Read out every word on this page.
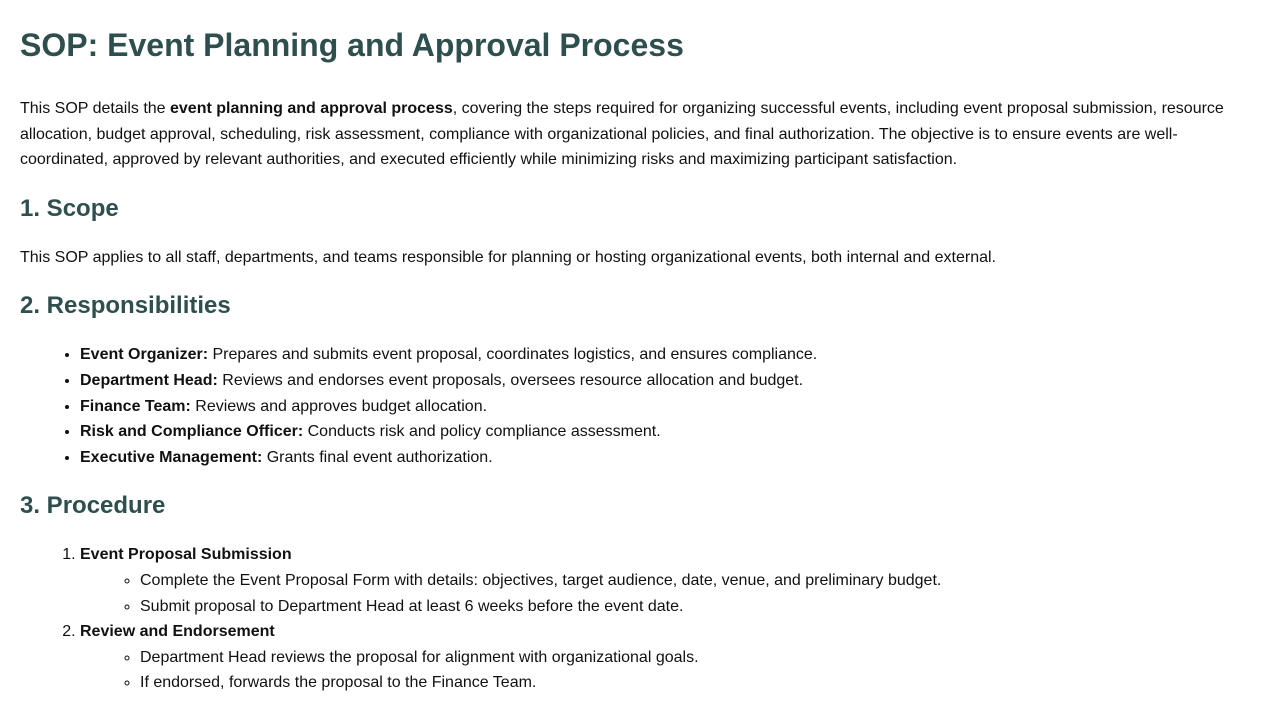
SOP: Event Planning and Approval Process

This SOP details the event planning and approval process, covering the steps required for organizing successful events, including event proposal submission, resource allocation, budget approval, scheduling, risk assessment, compliance with organizational policies, and final authorization. The objective is to ensure events are well-coordinated, approved by relevant authorities, and executed efficiently while minimizing risks and maximizing participant satisfaction.

1. Scope

This SOP applies to all staff, departments, and teams responsible for planning or hosting organizational events, both internal and external.

2. Responsibilities
• Event Organizer: Prepares and submits event proposal, coordinates logistics, and ensures compliance.
• Department Head: Reviews and endorses event proposals, oversees resource allocation and budget.
• Finance Team: Reviews and approves budget allocation.
• Risk and Compliance Officer: Conducts risk and policy compliance assessment.
• Executive Management: Grants final event authorization.
3. Procedure
1. Event Proposal Submission
◦ Complete the Event Proposal Form with details: objectives, target audience, date, venue, and preliminary budget.
◦ Submit proposal to Department Head at least 6 weeks before the event date.
2. Review and Endorsement
◦ Department Head reviews the proposal for alignment with organizational goals.
◦ If endorsed, forwards the proposal to the Finance Team.
